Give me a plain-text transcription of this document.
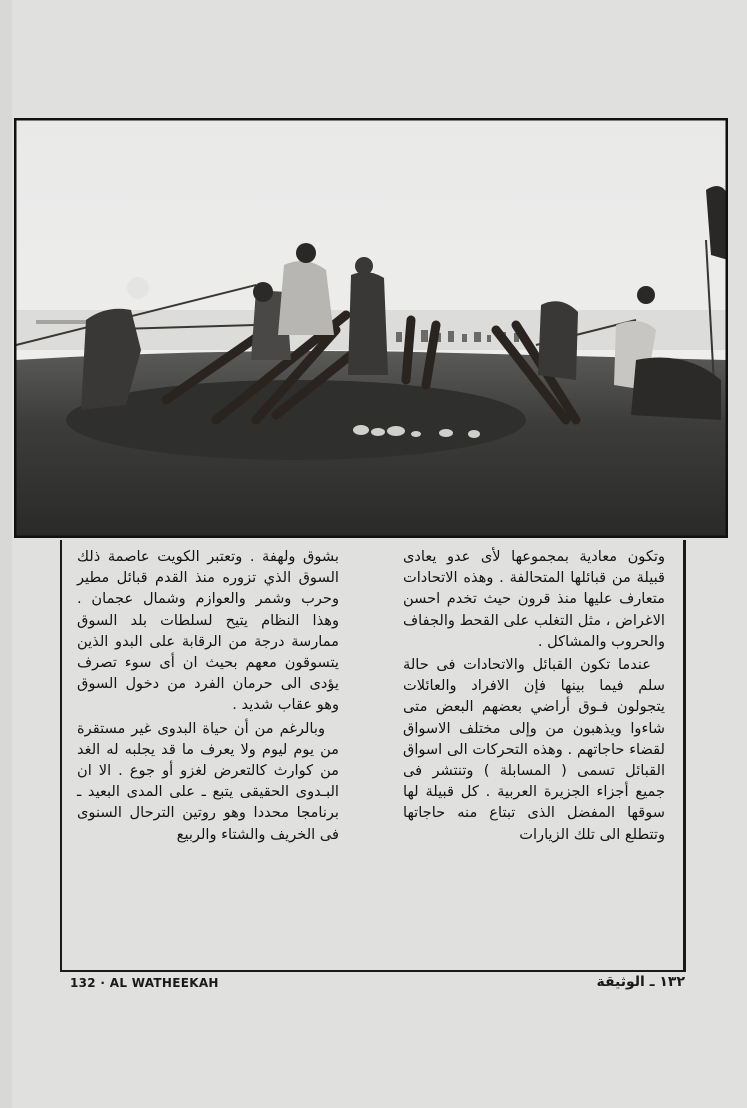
وتكون معادية بمجموعها لأى عدو يعادى قبيلة من قبائلها المتحالفة . وهذه الاتحادات متعارف عليها منذ قرون حيث تخدم احسن الاغراض ، مثل التغلب على القحط والجفاف والحروب والمشاكل .

عندما تكون القبائل والاتحادات فى حالة سلم فيما بينها فإن الافراد والعائلات يتجولون فـوق أراضي بعضهم البعض متى شاءوا ويذهبون من وإلى مختلف الاسواق لقضاء حاجاتهم . وهذه التحركات الى اسواق القبائل تسمى ( المسابلة ) وتنتشر فى جميع أجزاء الجزيرة العربية . كل قبيلة لها سوقها المفضل الذى تبتاع منه حاجاتها وتتطلع الى تلك الزيارات

بشوق ولهفة . وتعتبر الكويت عاصمة ذلك السوق الذي تزوره منذ القدم قبائل مطير وحرب وشمر والعوازم وشمال عجمان . وهذا النظام يتيح لسلطات بلد السوق ممارسة درجة من الرقابة على البدو الذين يتسوقون معهم بحيث ان أى سوء تصرف يؤدى الى حرمان الفرد من دخول السوق وهو عقاب شديد .

وبالرغم من أن حياة البدوى غير مستقرة من يوم ليوم ولا يعرف ما قد يجلبه له الغد من كوارث كالتعرض لغزو أو جوع . الا ان البـدوى الحقيقى يتبع ـ على المدى البعيد ـ برنامجا محددا وهو روتين الترحال السنوى فى الخريف والشتاء والربيع

132 · AL WATHEEKAH	١٣٢ ـ الوثيقة
